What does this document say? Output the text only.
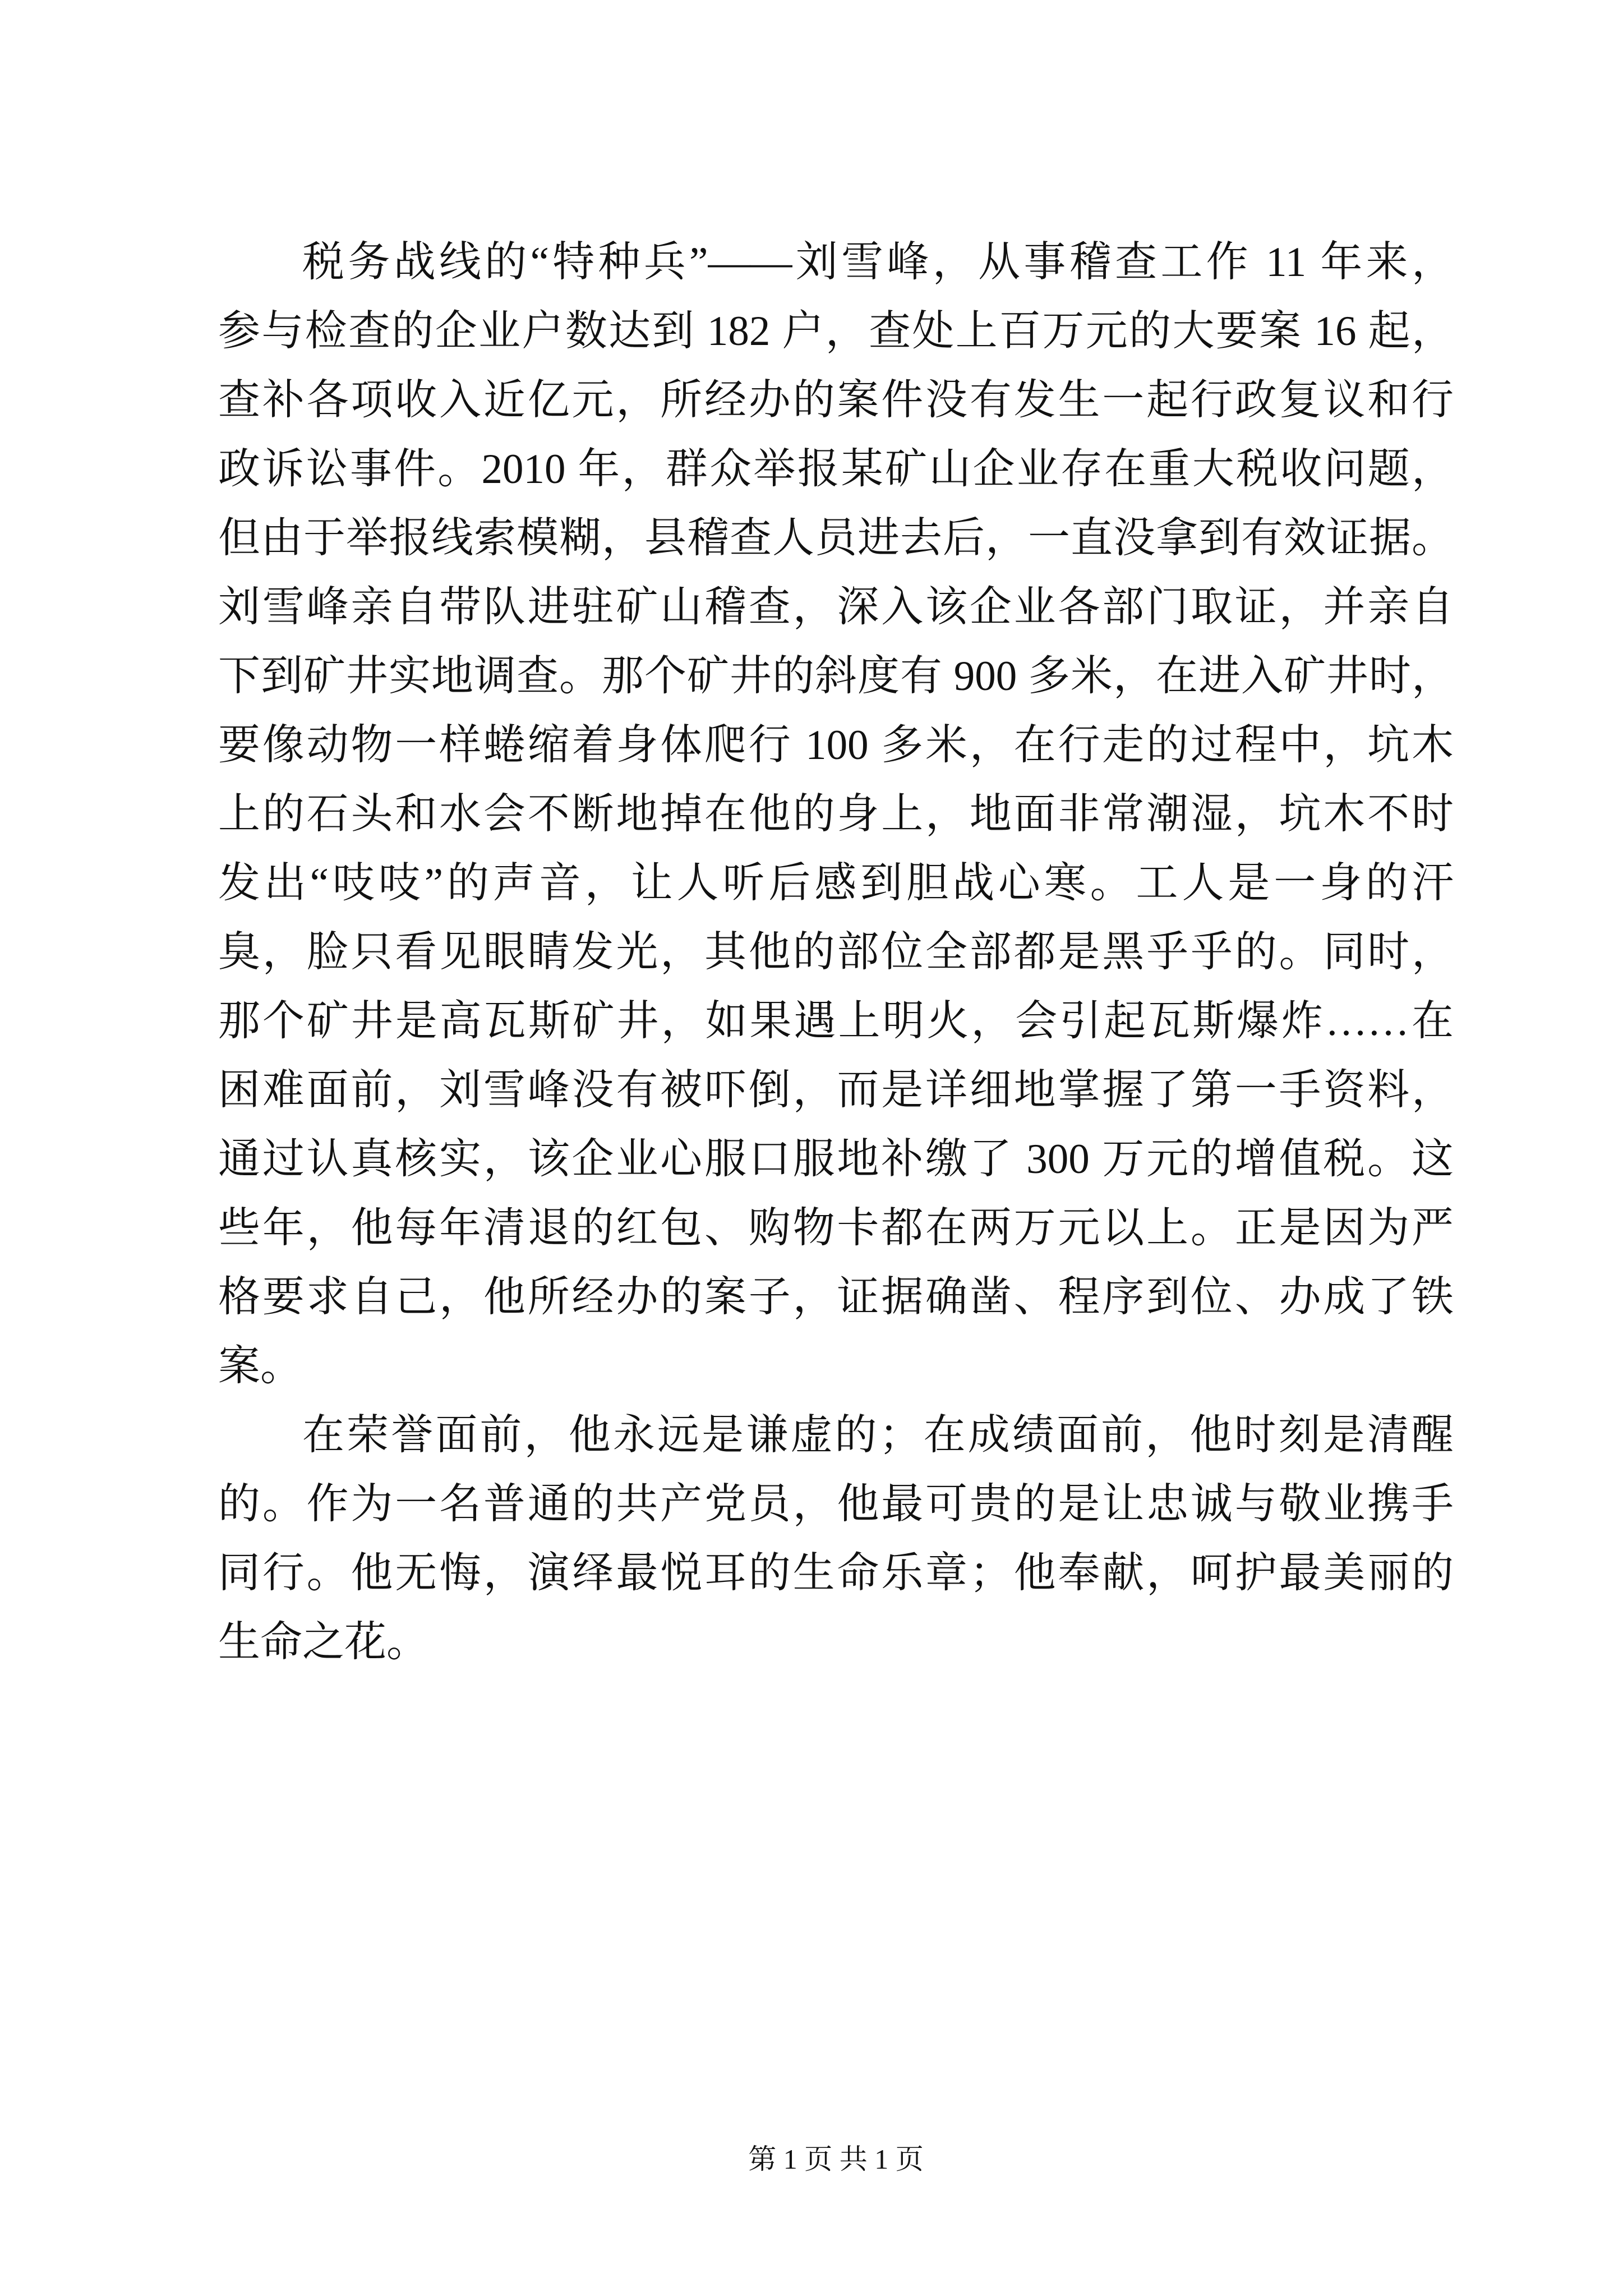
税务战线的“特种兵”——刘雪峰，从事稽查工作 11 年来，
参与检查的企业户数达到 182 户，查处上百万元的大要案 16 起，
查补各项收入近亿元，所经办的案件没有发生一起行政复议和行
政诉讼事件。2010 年，群众举报某矿山企业存在重大税收问题，
但由于举报线索模糊，县稽查人员进去后，一直没拿到有效证据。
刘雪峰亲自带队进驻矿山稽查，深入该企业各部门取证，并亲自
下到矿井实地调查。那个矿井的斜度有 900 多米，在进入矿井时，
要像动物一样蜷缩着身体爬行 100 多米，在行走的过程中，坑木
上的石头和水会不断地掉在他的身上，地面非常潮湿，坑木不时
发出“吱吱”的声音，让人听后感到胆战心寒。工人是一身的汗
臭，脸只看见眼睛发光，其他的部位全部都是黑乎乎的。同时，
那个矿井是高瓦斯矿井，如果遇上明火，会引起瓦斯爆炸……在
困难面前，刘雪峰没有被吓倒，而是详细地掌握了第一手资料，
通过认真核实，该企业心服口服地补缴了 300 万元的增值税。这
些年，他每年清退的红包、购物卡都在两万元以上。正是因为严
格要求自己，他所经办的案子，证据确凿、程序到位、办成了铁
案。
在荣誉面前，他永远是谦虚的；在成绩面前，他时刻是清醒
的。作为一名普通的共产党员，他最可贵的是让忠诚与敬业携手
同行。他无悔，演绎最悦耳的生命乐章；他奉献，呵护最美丽的
生命之花。
第 1 页 共 1 页
